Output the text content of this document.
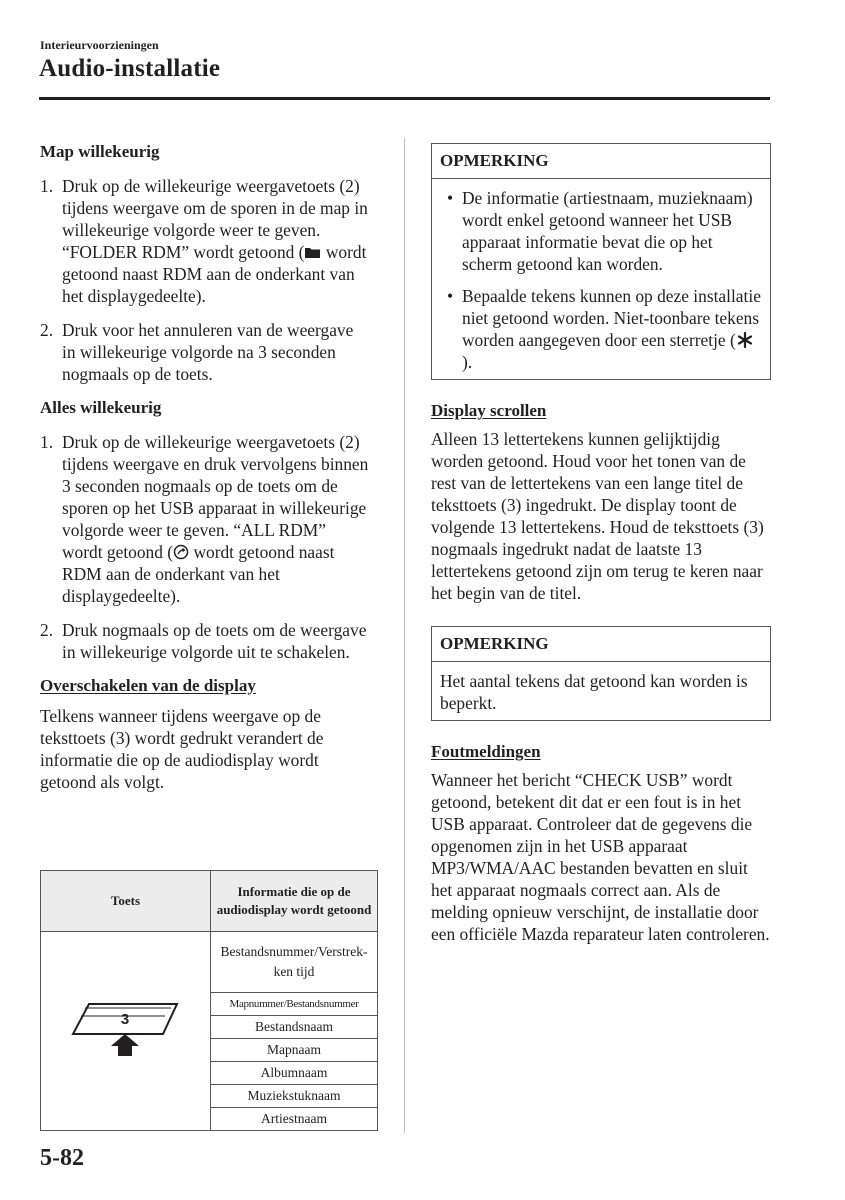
Interieurvoorzieningen
Audio-installatie
Map willekeurig
1. Druk op de willekeurige weergavetoets (2) tijdens weergave om de sporen in de map in willekeurige volgorde weer te geven. “FOLDER RDM” wordt getoond ( wordt getoond naast RDM aan de onderkant van het displaygedeelte).
2. Druk voor het annuleren van de weergave in willekeurige volgorde na 3 seconden nogmaals op de toets.
Alles willekeurig
1. Druk op de willekeurige weergavetoets (2) tijdens weergave en druk vervolgens binnen 3 seconden nogmaals op de toets om de sporen op het USB apparaat in willekeurige volgorde weer te geven. “ALL RDM” wordt getoond ( wordt getoond naast RDM aan de onderkant van het displaygedeelte).
2. Druk nogmaals op de toets om de weergave in willekeurige volgorde uit te schakelen.
Overschakelen van de display

Telkens wanneer tijdens weergave op de teksttoets (3) wordt gedrukt verandert de informatie die op de audiodisplay wordt getoond als volgt.

Toets	Informatie die op de audiodisplay wordt getoond

3	Bestandsnummer/Verstrek-ken tijd
	Mapnummer/Bestandsnummer
	Bestandsnaam
	Mapnaam
	Albumnaam
	Muziekstuknaam
	Artiestnaam
OPMERKING
• De informatie (artiestnaam, muzieknaam) wordt enkel getoond wanneer het USB apparaat informatie bevat die op het scherm getoond kan worden.
• Bepaalde tekens kunnen op deze installatie niet getoond worden. Niet-toonbare tekens worden aangegeven door een sterretje ().
Display scrollen

Alleen 13 lettertekens kunnen gelijktijdig worden getoond. Houd voor het tonen van de rest van de lettertekens van een lange titel de teksttoets (3) ingedrukt. De display toont de volgende 13 lettertekens. Houd de teksttoets (3) nogmaals ingedrukt nadat de laatste 13 lettertekens getoond zijn om terug te keren naar het begin van de titel.

OPMERKING

Het aantal tekens dat getoond kan worden is beperkt.

Foutmeldingen

Wanneer het bericht “CHECK USB” wordt getoond, betekent dit dat er een fout is in het USB apparaat. Controleer dat de gegevens die opgenomen zijn in het USB apparaat MP3/WMA/AAC bestanden bevatten en sluit het apparaat nogmaals correct aan. Als de melding opnieuw verschijnt, de installatie door een officiële Mazda reparateur laten controleren.

5-82
